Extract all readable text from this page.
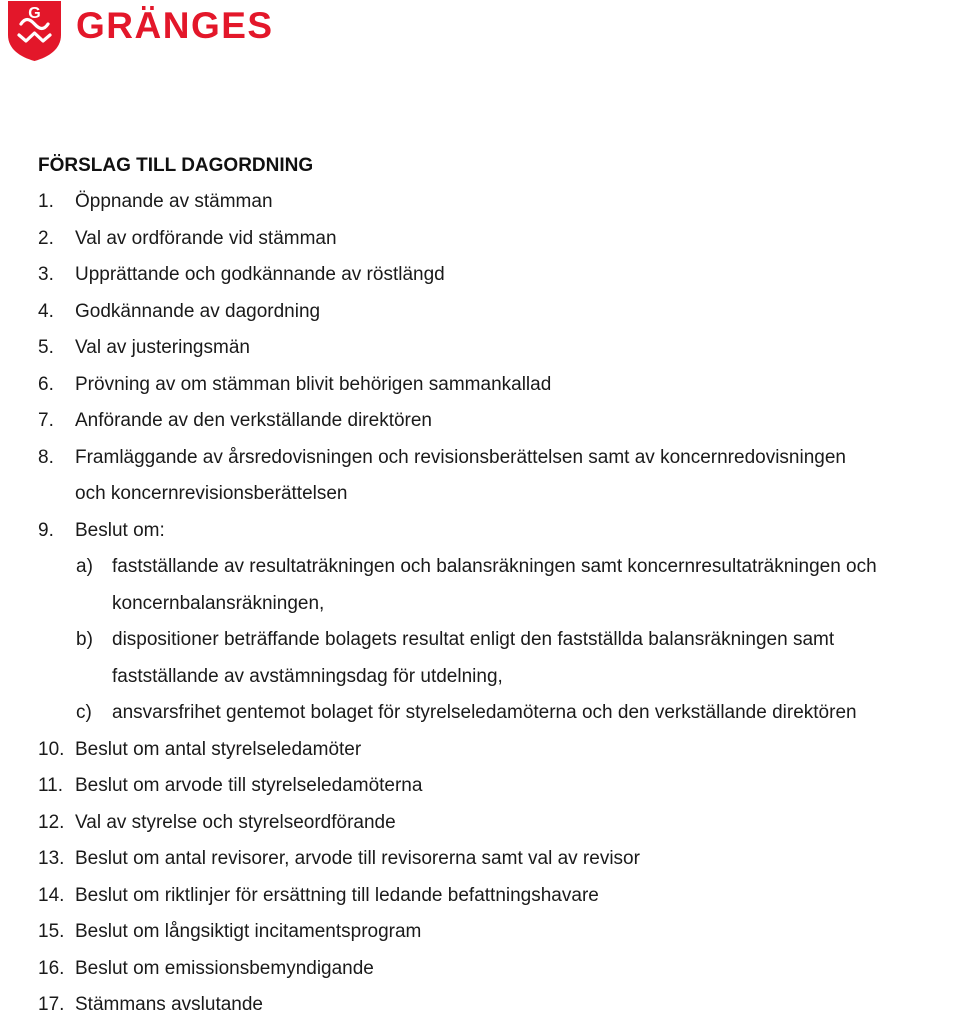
G GRÄNGES
FÖRSLAG TILL DAGORDNING
1.	Öppnande av stämman
2.	Val av ordförande vid stämman
3.	Upprättande och godkännande av röstlängd
4.	Godkännande av dagordning
5.	Val av justeringsmän
6.	Prövning av om stämman blivit behörigen sammankallad
7.	Anförande av den verkställande direktören
8.	Framläggande av årsredovisningen och revisionsberättelsen samt av koncernredovisningen
och koncernrevisionsberättelsen
9.	Beslut om:
a)	fastställande av resultaträkningen och balansräkningen samt koncernresultaträkningen och
koncernbalansräkningen,
b)	dispositioner beträffande bolagets resultat enligt den fastställda balansräkningen samt
fastställande av avstämningsdag för utdelning,
c)	ansvarsfrihet gentemot bolaget för styrelseledamöterna och den verkställande direktören
10. Beslut om antal styrelseledamöter
11. Beslut om arvode till styrelseledamöterna
12. Val av styrelse och styrelseordförande
13. Beslut om antal revisorer, arvode till revisorerna samt val av revisor
14. Beslut om riktlinjer för ersättning till ledande befattningshavare
15. Beslut om långsiktigt incitamentsprogram
16. Beslut om emissionsbemyndigande
17. Stämmans avslutande
